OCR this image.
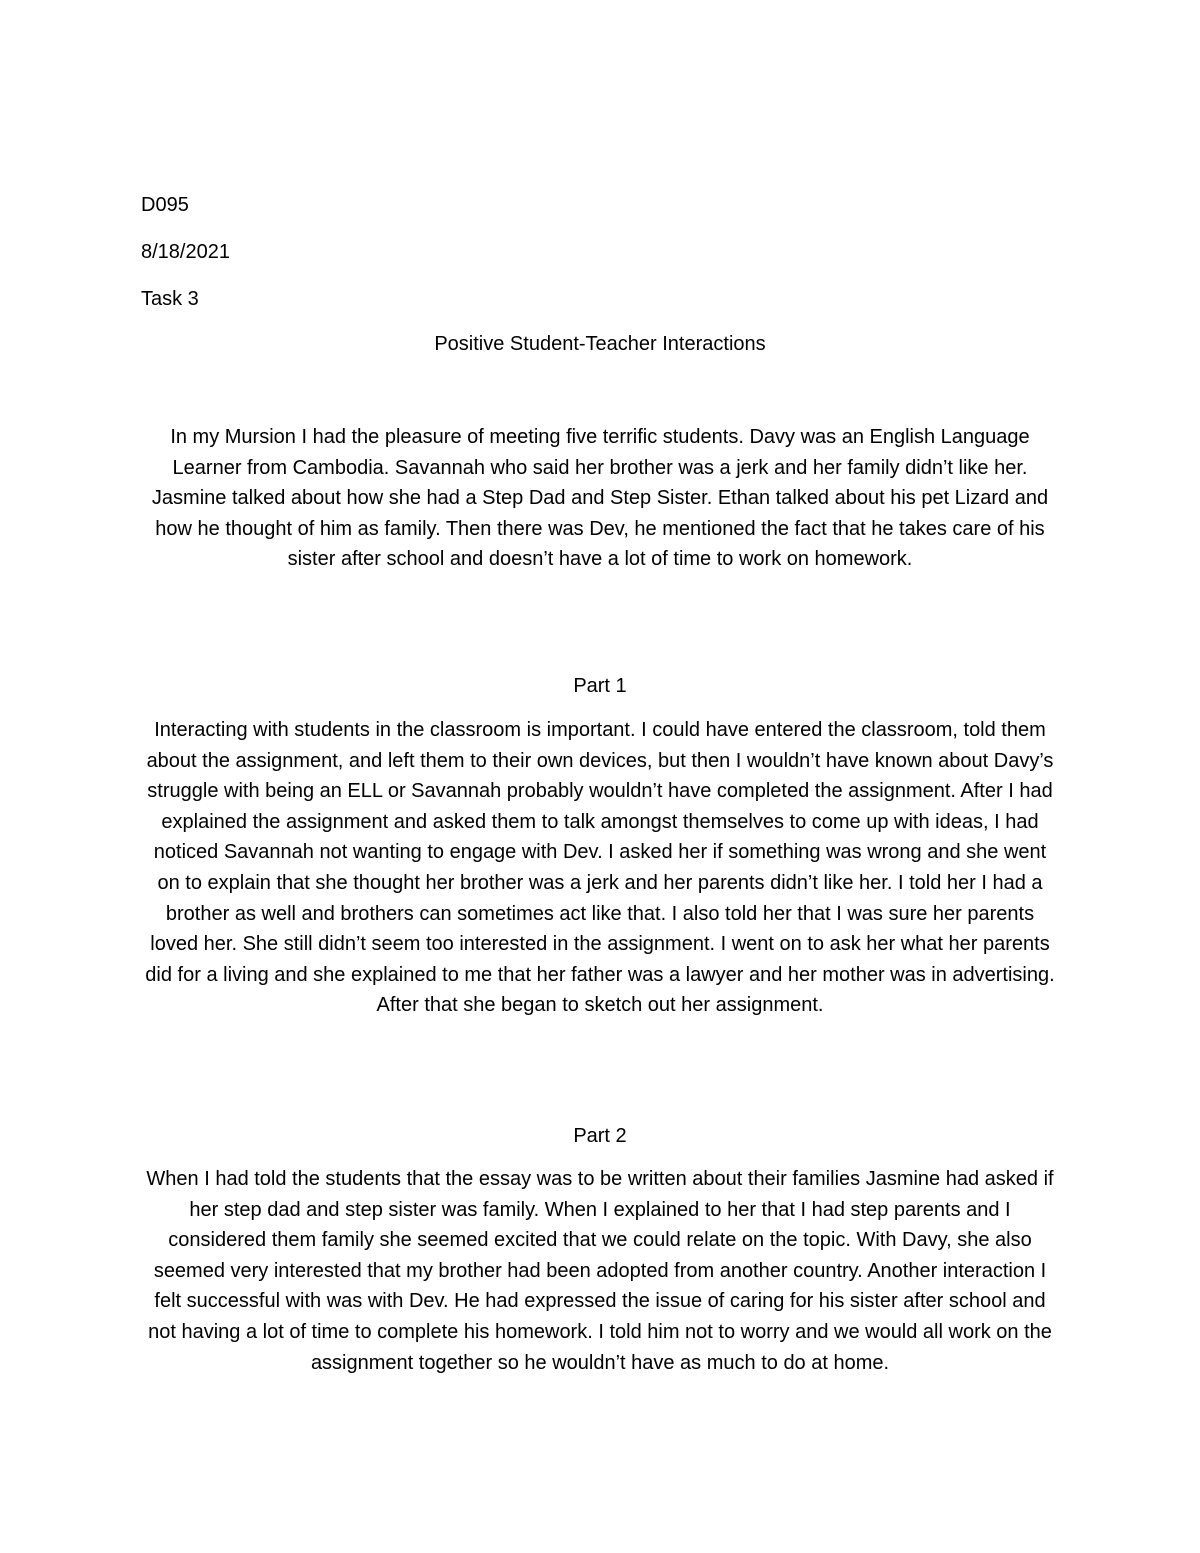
D095
8/18/2021
Task 3
Positive Student-Teacher Interactions

In my Mursion I had the pleasure of meeting five terrific students. Davy was an English Language Learner from Cambodia. Savannah who said her brother was a jerk and her family didn’t like her. Jasmine talked about how she had a Step Dad and Step Sister. Ethan talked about his pet Lizard and how he thought of him as family. Then there was Dev, he mentioned the fact that he takes care of his sister after school and doesn’t have a lot of time to work on homework.

Part 1

Interacting with students in the classroom is important. I could have entered the classroom, told them about the assignment, and left them to their own devices, but then I wouldn’t have known about Davy’s struggle with being an ELL or Savannah probably wouldn’t have completed the assignment. After I had explained the assignment and asked them to talk amongst themselves to come up with ideas, I had noticed Savannah not wanting to engage with Dev. I asked her if something was wrong and she went on to explain that she thought her brother was a jerk and her parents didn’t like her. I told her I had a brother as well and brothers can sometimes act like that. I also told her that I was sure her parents loved her. She still didn’t seem too interested in the assignment. I went on to ask her what her parents did for a living and she explained to me that her father was a lawyer and her mother was in advertising. After that she began to sketch out her assignment.

Part 2

When I had told the students that the essay was to be written about their families Jasmine had asked if her step dad and step sister was family. When I explained to her that I had step parents and I considered them family she seemed excited that we could relate on the topic. With Davy, she also seemed very interested that my brother had been adopted from another country. Another interaction I felt successful with was with Dev. He had expressed the issue of caring for his sister after school and not having a lot of time to complete his homework. I told him not to worry and we would all work on the assignment together so he wouldn’t have as much to do at home.
